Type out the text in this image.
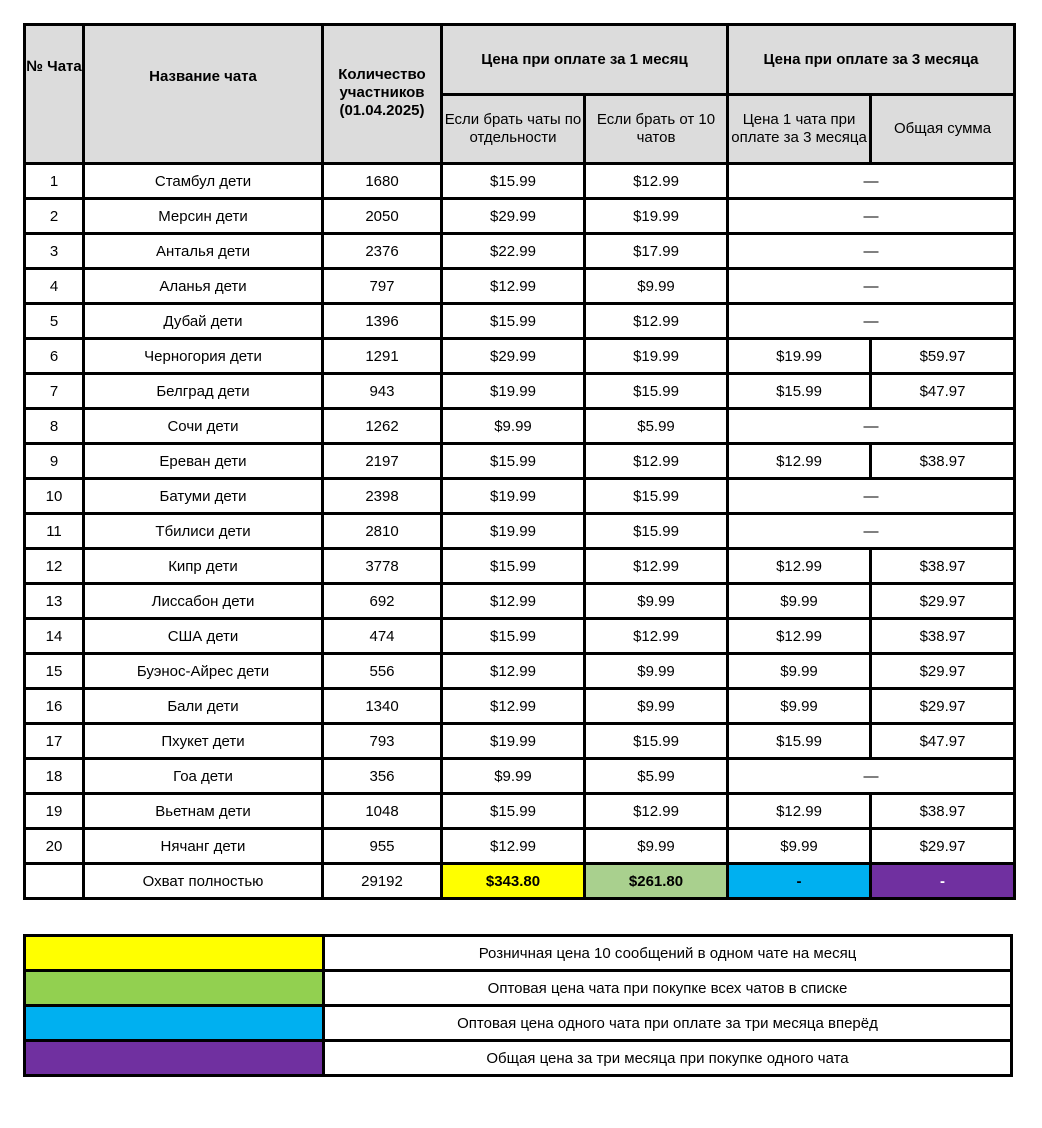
№ Чата	Название чата	Количество участников (01.04.2025)	Цена при оплате за 1 месяц		Цена при оплате за 3 месяца	
			Если брать чаты по отдельности	Если брать от 10 чатов	Цена 1 чата при оплате за 3 месяца	Общая сумма
1	Стамбул дети	1680	$15.99	$12.99	—	
2	Мерсин дети	2050	$29.99	$19.99	—	
3	Анталья дети	2376	$22.99	$17.99	—	
4	Аланья дети	797	$12.99	$9.99	—	
5	Дубай дети	1396	$15.99	$12.99	—	
6	Черногория дети	1291	$29.99	$19.99	$19.99	$59.97
7	Белград дети	943	$19.99	$15.99	$15.99	$47.97
8	Сочи дети	1262	$9.99	$5.99	—	
9	Ереван дети	2197	$15.99	$12.99	$12.99	$38.97
10	Батуми дети	2398	$19.99	$15.99	—	
11	Тбилиси дети	2810	$19.99	$15.99	—	
12	Кипр дети	3778	$15.99	$12.99	$12.99	$38.97
13	Лиссабон дети	692	$12.99	$9.99	$9.99	$29.97
14	США дети	474	$15.99	$12.99	$12.99	$38.97
15	Буэнос-Айрес дети	556	$12.99	$9.99	$9.99	$29.97
16	Бали дети	1340	$12.99	$9.99	$9.99	$29.97
17	Пхукет дети	793	$19.99	$15.99	$15.99	$47.97
18	Гоа дети	356	$9.99	$5.99	—	
19	Вьетнам дети	1048	$15.99	$12.99	$12.99	$38.97
20	Нячанг дети	955	$12.99	$9.99	$9.99	$29.97
	Охват полностью	29192	$343.80	$261.80	-	-
	Розничная цена 10 сообщений в одном чате на месяц
	Оптовая цена чата при покупке всех чатов в списке
	Оптовая цена одного чата при оплате за три месяца вперёд
	Общая цена за три месяца при покупке одного чата
